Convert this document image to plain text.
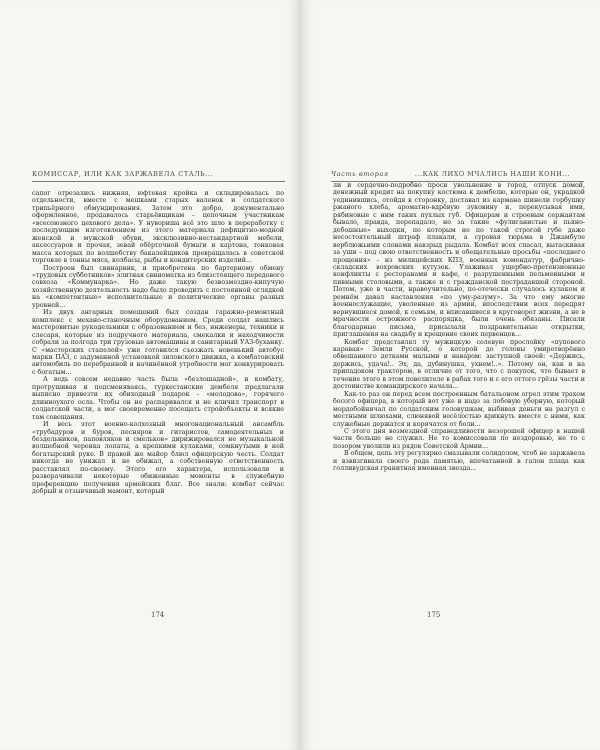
КОМИССАР, ИЛИ КАК ЗАРЖАВЕЛА СТАЛЬ...

сапог отрезались нижняя, юфтевая кройка и складировалась по отдельности, вместе с мешками старых валенок и солдатского трипьёрного обмундирования. Затем это добро, документально оформленное, продавалось старьёвщикам – цепочным участникам «всесоюзного цехового дела». У нувориша всё это шло в переработку с последующим изготовлением из этого материала дефицитно-модной женской и мужской обуви, эксклюзивно-нестандартной мебели, аксессуаров и прочая, зевай обёрточной бумаги и картона, тонковая масса которых по волшебству бакалейщиков превращалась в советской торговле в тонны мяса, колбасы, рыбы и кондитерских изделий...

Построен был свинарник, и приобретена по бартерному обмену «трудовых субботников» элитная свиноматка из близстоящего передового совхоза «Коммунарка». Но даже такую безвозмездно-кипучую хозяйственную деятельность надо было проводить с постоянной оглядкой на «компетентные» исполнительные и политические органы разных уровней...

Из двух ангарных помещений был создан гаражно-ремонтный комплекс с механо-станочным оборудованием. Среди солдат нашлись мастеровитые рукодельники с образованием и без, инженеры, техники и слесаря, которые из подручного материала, смекалки и находчивости собрали за полгода три грузовые автомашины и санитарный УАЗ-буханку. С «мастерских стапелей» уже готовился съезжать новенький автобус марки ПАЗ, с задуманной установкой зиловского движка, а комбатовский автомобиль по перебранной и начинённой утробности мог конкурировать с богатым...

А ведь совсем недавно часть была «безлошадной», и комбату, протрушивая и подсменяваясь, туркестанские дембеля предлагали выписно привезти их обиходный подарок – «молодова», горячего длинноухого осла. Чтобы он не распаривался и не кличил транспорт в солдатской части, а мог своевременно посещать стройобъекты и всякие там совещания.

И весь этот военно-колхозный многонациональный ансамбль «трубадуров и буров, песняров и гитаристов, самодеятельных и бездельников, паповляков и смельков» дирижировался не музыкальной волшебной черенка лопаты, а крепкими кулаками, сомкнутыми в ней богатырский руке. В правой же майор блюл офицерскую честь. Солдат никогда не унижал и не обижал, а собственную ответственность расставлял по-своему. Этого его характера, использовали и разворачивали некоторые обиженные моменты в служебную преференцию получения армейских благ. Все знали: комбат сейчас добрый и отзывчивый мамонт, который

174
Часть вторая	...КАК ЛИХО МЧАЛИСЬ НАШИ КОНИ...

ли и сердечно-подробно проси увольнение в город, отпуск домой, денежный кредит на покупку костюма к дембелю, которые он, украдкой уединившись, отойдя в сторонку, доставал из кармана шинели горбушку ржаного хлеба, ароматно-вдрёвую зуковину и, перекусывая ими, рябиновые с ним таких пухлых губ. Офицерам и строевым сержантам бывало, правда, перепадало, но за такие «фулиганистые и пьяно-дебошные» выходки, по которым не по такой строгой губе даже несостоятельный штраф плакали, а суровая тюрьма в Джамбуле верблюжьими слонами навзрыд рыдала. Комбат всех спасал, вытаскивая за уши – под свою ответственность и обещательные просьбы «последнего прощения» – из милицейских КПЗ, военных комендатур, фабрично-складских вохровских кутузок. Улаживал ущербно-претензионные конфликты с ресторанами и кафе, с разрушенными пельменными и пивными столовыми, а также и с гражданской пострадавшей стороной. Потом, уже в части, нравоучительно, по-отечески случалось кулаком и ремнём давал наставления «по уму-разуму». За что ему многие военнослужащие, уволенные из армии, впоследствии всех передрят вернувшиеся домой, к семьям, и вписавшиеся в круговорот жизни, а не в мрачности острожного распорядка, были очень обязаны. Писали благодарные письма, присылали поздравительные открытки, приглашения на свадьбу и крещение своих первенцев...

Комбат представлял ту мужицкую солевую прослойку «пупового каравая» Земли Русской, о которой до головы умиротворённо обвешанного детками малыми и наваром: заступной своей: «Держись, держись, удача!.. Эх, да, дубинушка, ухнем!..». Потому он, как и на припадоком трактором, в отличие от того, что с покупок, что бывает в течение этого в этом повелителе в рабах того и с его оттого грёзы части и достоинстве командирского начала...

Как-то раз он перед всем построенным батальоном огрел этим трахом босого офицера, в который вот уже и надо за лобовую уборную, который мордобойничал по солдатским головушкам, выбивая деньги на разгул с местными шлюхами, слюнявой весёлостью крикнуть вместе с ними, как служебные держатся и корячатся от боли...

С этого дня возмездной справедливости незорошей офицер в нашей части больше не служил. Не то комиссовали по нездоровью, не то с позором уволили из рядов Советской Армии...

В общем, цепь эту регулярно смазывали солидолом, чтоб не заржавела и взвизгивала своего рода памятью, впечатанной в галон плаца как голливудская гранитная именная звезда...

175
